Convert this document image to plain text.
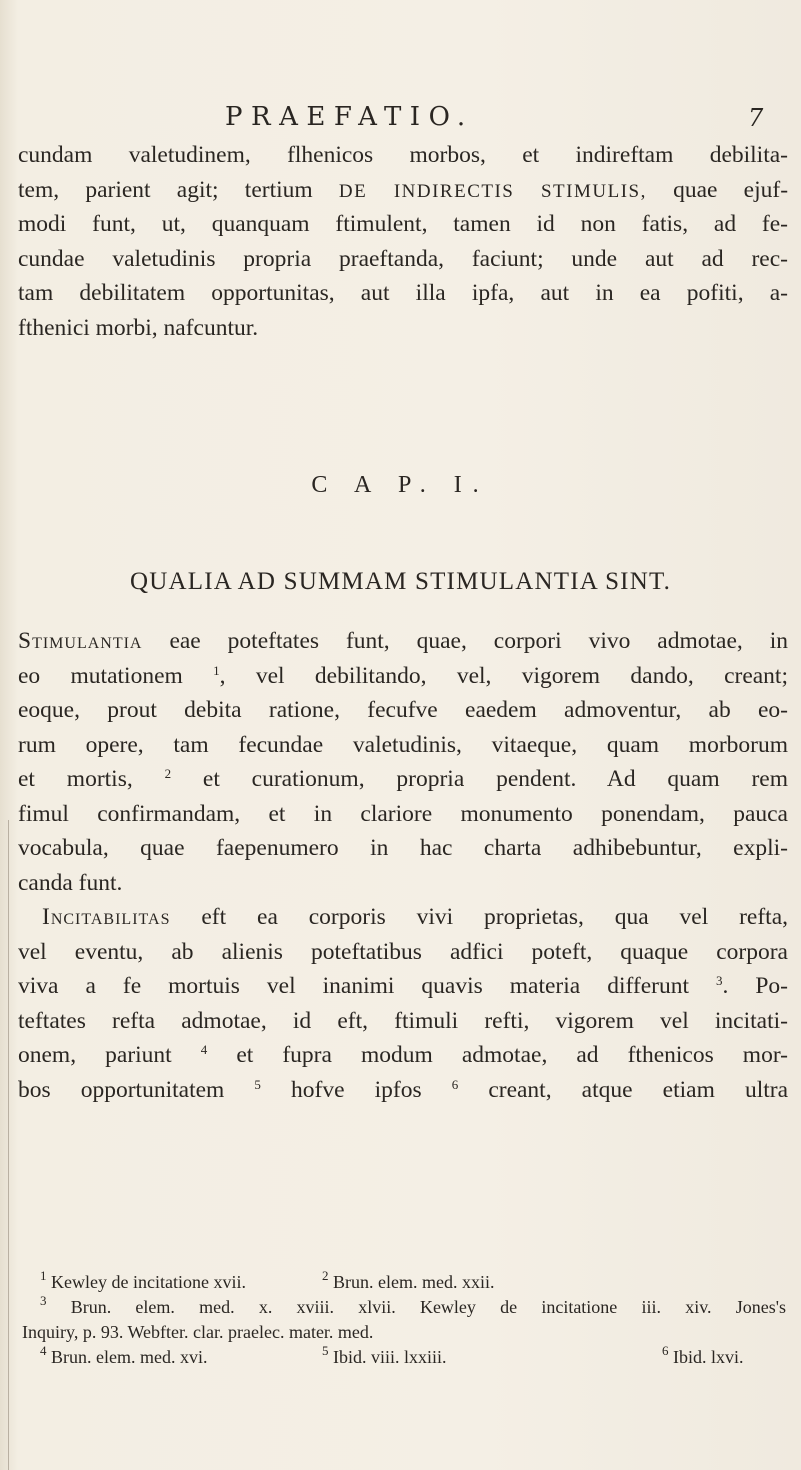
PRAEFATIO.	7
cundam valetudinem, flhenicos morbos, et indireftam debilita-
tem, parient agit; tertium DE INDIRECTIS STIMULIS, quae ejuf-
modi funt, ut, quanquam ftimulent, tamen id non fatis, ad fe-
cundae valetudinis propria praeftanda, faciunt; unde aut ad rec-
tam debilitatem opportunitas, aut illa ipfa, aut in ea pofiti, a-
fthenici morbi, nafcuntur.
C A P. I.
QUALIA AD SUMMAM STIMULANTIA SINT.
Stimulantia eae poteftates funt, quae, corpori vivo admotae, in
eo mutationem $^1$, vel debilitando, vel, vigorem dando, creant;
eoque, prout debita ratione, fecufve eaedem admoventur, ab eo-
rum opere, tam fecundae valetudinis, vitaeque, quam morborum
et mortis, $^2$ et curationum, propria pendent. Ad quam rem
fimul confirmandam, et in clariore monumento ponendam, pauca
vocabula, quae faepenumero in hac charta adhibebuntur, expli-
canda funt.
Incitabilitas eft ea corporis vivi proprietas, qua vel refta,
vel eventu, ab alienis poteftatibus adfici poteft, quaque corpora
viva a fe mortuis vel inanimi quavis materia differunt $^3$. Po-
teftates refta admotae, id eft, ftimuli refti, vigorem vel incitati-
onem, pariunt $^4$ et fupra modum admotae, ad fthenicos mor-
bos opportunitatem $^5$ hofve ipfos $^6$ creant, atque etiam ultra
$^1$ Kewley de incitatione xvii.	$^2$ Brun. elem. med. xxii.
$^3$ Brun. elem. med. x. xviii. xlvii. Kewley de incitatione iii. xiv. Jones's
Inquiry, p. 93. Webfter. clar. praelec. mater. med.
$^4$ Brun. elem. med. xvi.	$^5$ Ibid. viii. lxxiii.	$^6$ Ibid. lxvi.
